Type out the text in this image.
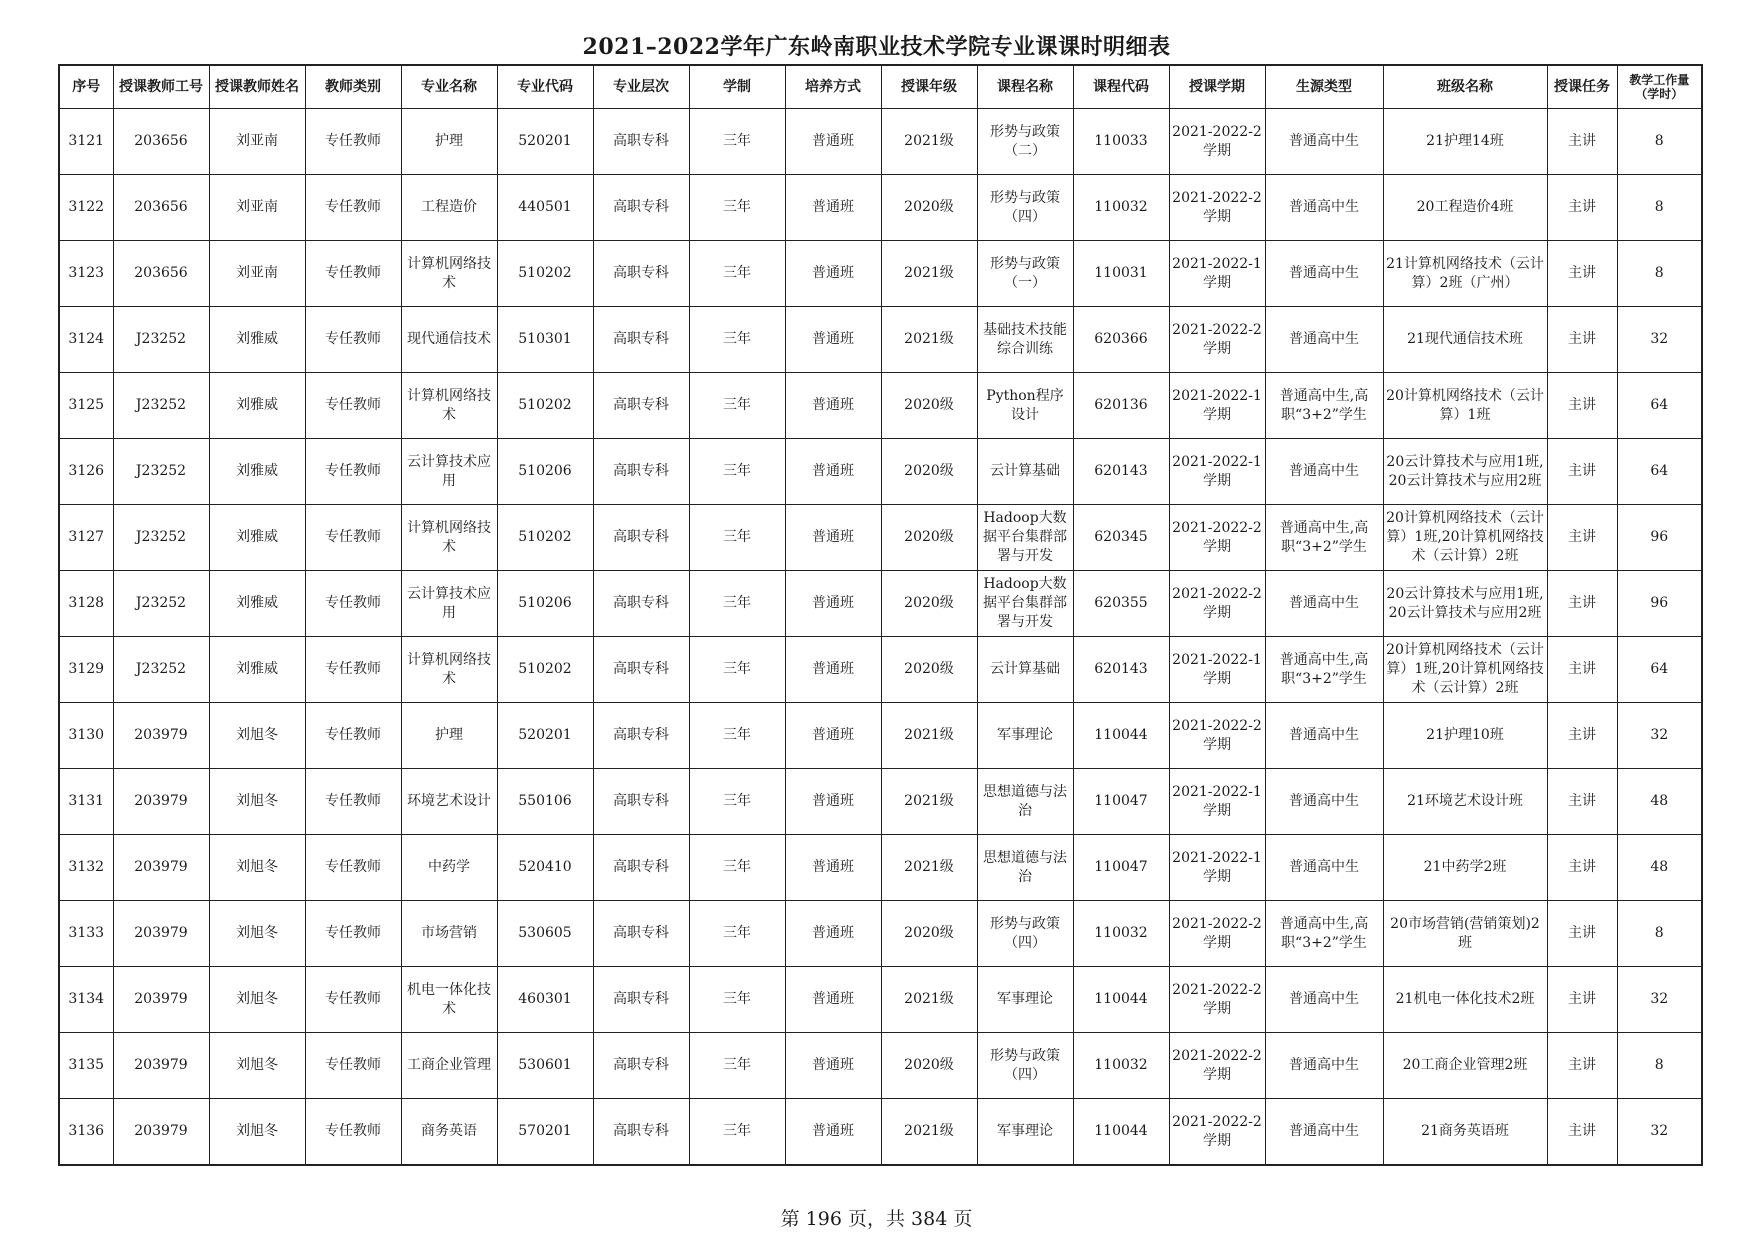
2021–2022学年广东岭南职业技术学院专业课课时明细表
序号	授课教师工号	授课教师姓名	教师类别	专业名称	专业代码	专业层次	学制	培养方式	授课年级	课程名称	课程代码	授课学期	生源类型	班级名称	授课任务	教学工作量（学时）

3121	203656	刘亚南	专任教师	护理	520201	高职专科	三年	普通班	2021级	形势与政策（二）	110033	2021-2022-2学期	普通高中生	21护理14班	主讲	8

3122	203656	刘亚南	专任教师	工程造价	440501	高职专科	三年	普通班	2020级	形势与政策（四）	110032	2021-2022-2学期	普通高中生	20工程造价4班	主讲	8

3123	203656	刘亚南	专任教师	计算机网络技术	510202	高职专科	三年	普通班	2021级	形势与政策（一）	110031	2021-2022-1学期	普通高中生	21计算机网络技术（云计算）2班（广州）	主讲	8

3124	J23252	刘雅威	专任教师	现代通信技术	510301	高职专科	三年	普通班	2021级	基础技术技能综合训练	620366	2021-2022-2学期	普通高中生	21现代通信技术班	主讲	32

3125	J23252	刘雅威	专任教师	计算机网络技术	510202	高职专科	三年	普通班	2020级	Python程序设计	620136	2021-2022-1学期	普通高中生,高职“3+2”学生	20计算机网络技术（云计算）1班	主讲	64

3126	J23252	刘雅威	专任教师	云计算技术应用	510206	高职专科	三年	普通班	2020级	云计算基础	620143	2021-2022-1学期	普通高中生	20云计算技术与应用1班,20云计算技术与应用2班	主讲	64

3127	J23252	刘雅威	专任教师	计算机网络技术	510202	高职专科	三年	普通班	2020级	Hadoop大数据平台集群部署与开发	620345	2021-2022-2学期	普通高中生,高职“3+2”学生	20计算机网络技术（云计算）1班,20计算机网络技术（云计算）2班	主讲	96

3128	J23252	刘雅威	专任教师	云计算技术应用	510206	高职专科	三年	普通班	2020级	Hadoop大数据平台集群部署与开发	620355	2021-2022-2学期	普通高中生	20云计算技术与应用1班,20云计算技术与应用2班	主讲	96

3129	J23252	刘雅威	专任教师	计算机网络技术	510202	高职专科	三年	普通班	2020级	云计算基础	620143	2021-2022-1学期	普通高中生,高职“3+2”学生	20计算机网络技术（云计算）1班,20计算机网络技术（云计算）2班	主讲	64

3130	203979	刘旭冬	专任教师	护理	520201	高职专科	三年	普通班	2021级	军事理论	110044	2021-2022-2学期	普通高中生	21护理10班	主讲	32

3131	203979	刘旭冬	专任教师	环境艺术设计	550106	高职专科	三年	普通班	2021级	思想道德与法治	110047	2021-2022-1学期	普通高中生	21环境艺术设计班	主讲	48

3132	203979	刘旭冬	专任教师	中药学	520410	高职专科	三年	普通班	2021级	思想道德与法治	110047	2021-2022-1学期	普通高中生	21中药学2班	主讲	48

3133	203979	刘旭冬	专任教师	市场营销	530605	高职专科	三年	普通班	2020级	形势与政策（四）	110032	2021-2022-2学期	普通高中生,高职“3+2”学生	20市场营销(营销策划)2班	主讲	8

3134	203979	刘旭冬	专任教师	机电一体化技术	460301	高职专科	三年	普通班	2021级	军事理论	110044	2021-2022-2学期	普通高中生	21机电一体化技术2班	主讲	32

3135	203979	刘旭冬	专任教师	工商企业管理	530601	高职专科	三年	普通班	2020级	形势与政策（四）	110032	2021-2022-2学期	普通高中生	20工商企业管理2班	主讲	8

3136	203979	刘旭冬	专任教师	商务英语	570201	高职专科	三年	普通班	2021级	军事理论	110044	2021-2022-2学期	普通高中生	21商务英语班	主讲	32
第 196 页，共 384 页
